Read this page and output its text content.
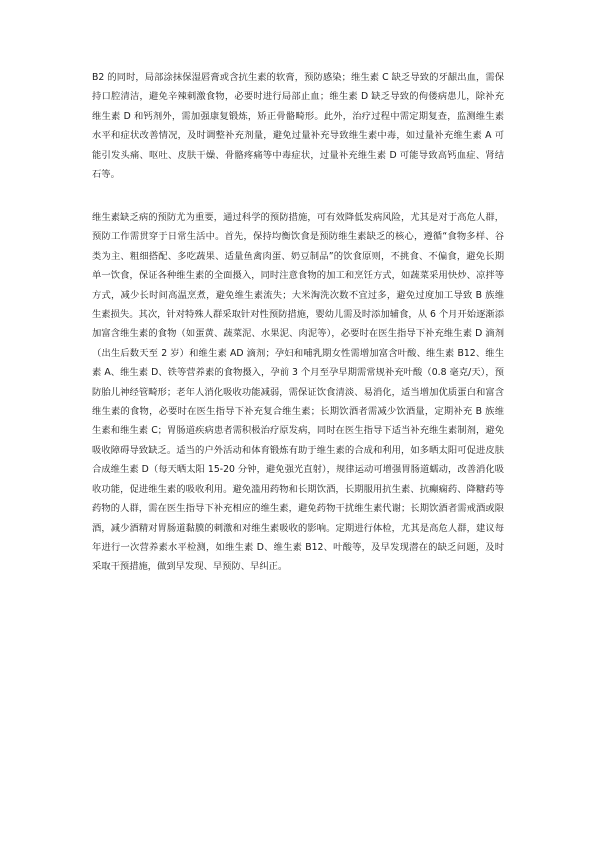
B2 的同时，局部涂抹保湿唇膏或含抗生素的软膏，预防感染；维生素 C 缺乏导致的牙龈出血，需保持口腔清洁，避免辛辣刺激食物，必要时进行局部止血；维生素 D 缺乏导致的佝偻病患儿，除补充维生素 D 和钙剂外，需加强康复锻炼，矫正骨骼畸形。此外，治疗过程中需定期复查，监测维生素水平和症状改善情况，及时调整补充剂量，避免过量补充导致维生素中毒，如过量补充维生素 A 可能引发头痛、呕吐、皮肤干燥、骨骼疼痛等中毒症状，过量补充维生素 D 可能导致高钙血症、肾结石等。

维生素缺乏病的预防尤为重要，通过科学的预防措施，可有效降低发病风险，尤其是对于高危人群，预防工作需贯穿于日常生活中。首先，保持均衡饮食是预防维生素缺乏的核心，遵循“食物多样、谷类为主、粗细搭配、多吃蔬果、适量鱼禽肉蛋、奶豆制品”的饮食原则，不挑食、不偏食，避免长期单一饮食，保证各种维生素的全面摄入，同时注意食物的加工和烹饪方式，如蔬菜采用快炒、凉拌等方式，减少长时间高温烹煮，避免维生素流失；大米淘洗次数不宜过多，避免过度加工导致 B 族维生素损失。其次，针对特殊人群采取针对性预防措施，婴幼儿需及时添加辅食，从 6 个月开始逐渐添加富含维生素的食物（如蛋黄、蔬菜泥、水果泥、肉泥等），必要时在医生指导下补充维生素 D 滴剂（出生后数天至 2 岁）和维生素 AD 滴剂；孕妇和哺乳期女性需增加富含叶酸、维生素 B12、维生素 A、维生素 D、铁等营养素的食物摄入，孕前 3 个月至孕早期需常规补充叶酸（0.8 毫克/天），预防胎儿神经管畸形；老年人消化吸收功能减弱，需保证饮食清淡、易消化，适当增加优质蛋白和富含维生素的食物，必要时在医生指导下补充复合维生素；长期饮酒者需减少饮酒量，定期补充 B 族维生素和维生素 C；胃肠道疾病患者需积极治疗原发病，同时在医生指导下适当补充维生素制剂，避免吸收障碍导致缺乏。适当的户外活动和体育锻炼有助于维生素的合成和利用，如多晒太阳可促进皮肤合成维生素 D（每天晒太阳 15-20 分钟，避免强光直射），规律运动可增强胃肠道蠕动，改善消化吸收功能，促进维生素的吸收利用。避免滥用药物和长期饮酒，长期服用抗生素、抗癫痫药、降糖药等药物的人群，需在医生指导下补充相应的维生素，避免药物干扰维生素代谢；长期饮酒者需戒酒或限酒，减少酒精对胃肠道黏膜的刺激和对维生素吸收的影响。定期进行体检，尤其是高危人群，建议每年进行一次营养素水平检测，如维生素 D、维生素 B12、叶酸等，及早发现潜在的缺乏问题，及时采取干预措施，做到早发现、早预防、早纠正。
